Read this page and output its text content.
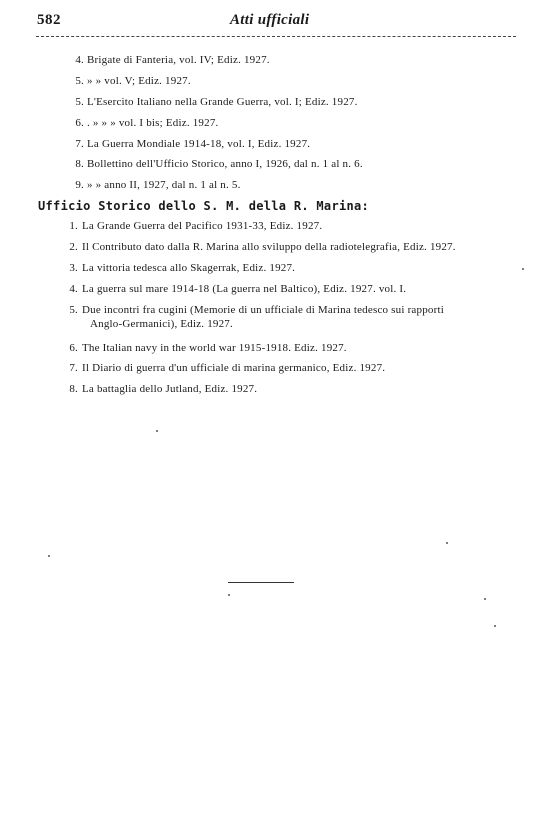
582	Atti ufficiali
4. Brigate di Fanteria, vol. IV; Ediz. 1927.
5. » » vol. V; Ediz. 1927.
5. L'Esercito Italiano nella Grande Guerra, vol. I; Ediz. 1927.
6. . » » » vol. I bis; Ediz. 1927.
7. La Guerra Mondiale 1914-18, vol. I, Ediz. 1927.
8. Bollettino dell'Ufficio Storico, anno I, 1926, dal n. 1 al n. 6.
9. » » anno II, 1927, dal n. 1 al n. 5.
Ufficio Storico dello S. M. della R. Marina:
1. La Grande Guerra del Pacifico 1931-33, Ediz. 1927.
2. Il Contributo dato dalla R. Marina allo sviluppo della radiotelegrafia, Ediz. 1927.
3. La vittoria tedesca allo Skagerrak, Ediz. 1927.
4. La guerra sul mare 1914-18 (La guerra nel Baltico), Ediz. 1927. vol. I.
5. Due incontri fra cugini (Memorie di un ufficiale di Marina tedesco sui rapporti
Anglo-Germanici), Ediz. 1927.
6. The Italian navy in the world war 1915-1918. Ediz. 1927.
7. Il Diario di guerra d'un ufficiale di marina germanico, Ediz. 1927.
8. La battaglia dello Jutland, Ediz. 1927.
